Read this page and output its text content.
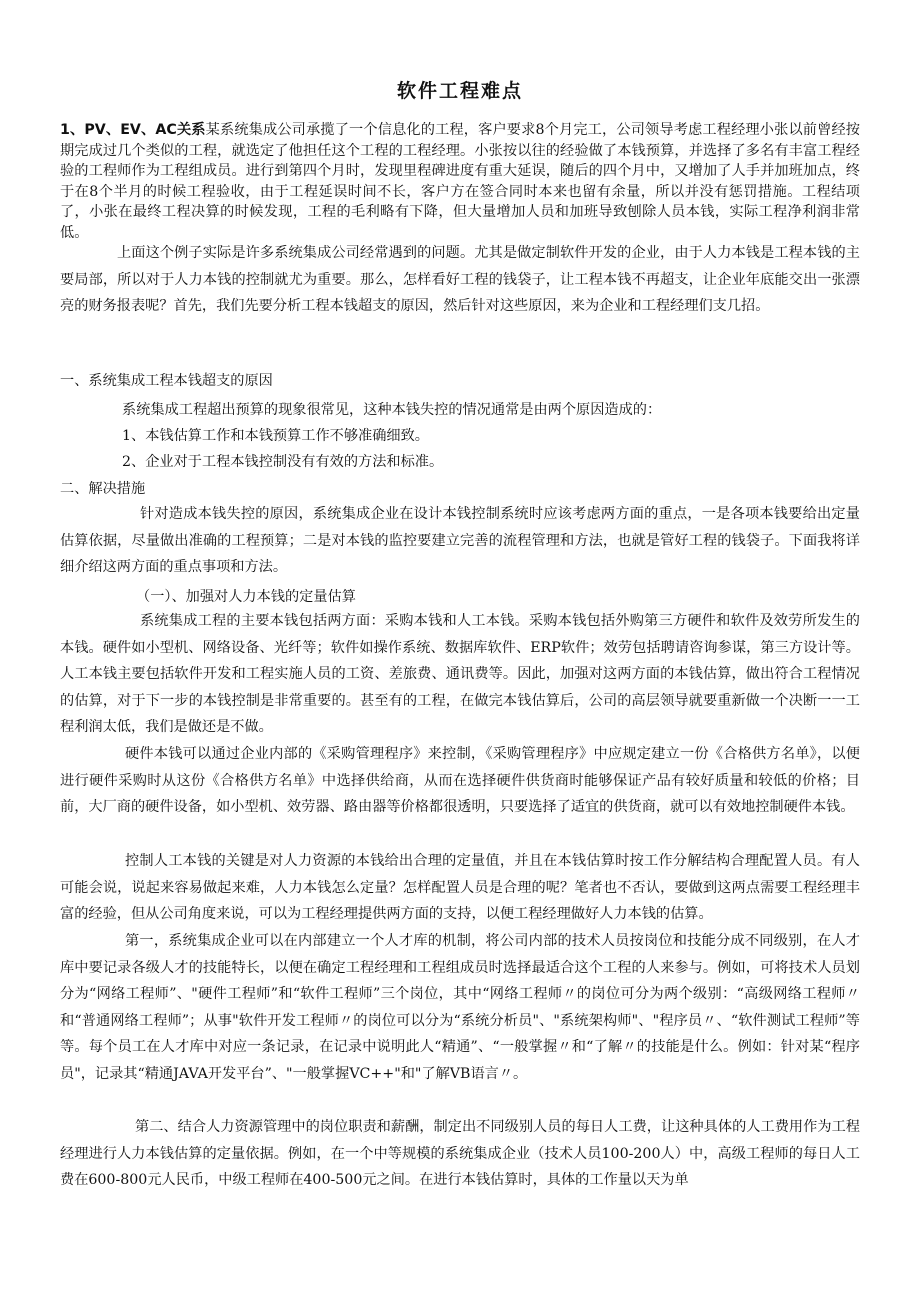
软件工程难点

1、PV、EV、AC关系某系统集成公司承揽了一个信息化的工程，客户要求8个月完工，公司领导考虑工程经理小张以前曾经按期完成过几个类似的工程，就选定了他担任这个工程的工程经理。小张按以往的经验做了本钱预算，并选择了多名有丰富工程经验的工程师作为工程组成员。进行到第四个月时，发现里程碑进度有重大延误，随后的四个月中，又增加了人手并加班加点，终于在8个半月的时候工程验收，由于工程延误时间不长，客户方在签合同时本来也留有余量，所以并没有惩罚措施。工程结项了，小张在最终工程决算的时候发现，工程的毛利略有下降，但大量增加人员和加班导致刨除人员本钱，实际工程净利润非常低。

上面这个例子实际是许多系统集成公司经常遇到的问题。尤其是做定制软件开发的企业，由于人力本钱是工程本钱的主要局部，所以对于人力本钱的控制就尤为重要。那么，怎样看好工程的钱袋子，让工程本钱不再超支，让企业年底能交出一张漂亮的财务报表呢？首先，我们先要分析工程本钱超支的原因，然后针对这些原因，来为企业和工程经理们支几招。

一、系统集成工程本钱超支的原因

系统集成工程超出预算的现象很常见，这种本钱失控的情况通常是由两个原因造成的：

1、本钱估算工作和本钱预算工作不够准确细致。

2、企业对于工程本钱控制没有有效的方法和标准。

二、解决措施

针对造成本钱失控的原因，系统集成企业在设计本钱控制系统时应该考虑两方面的重点，一是各项本钱要给出定量估算依据，尽量做出准确的工程预算；二是对本钱的监控要建立完善的流程管理和方法，也就是管好工程的钱袋子。下面我将详细介绍这两方面的重点事项和方法。

（一）、加强对人力本钱的定量估算

系统集成工程的主要本钱包括两方面：采购本钱和人工本钱。采购本钱包括外购第三方硬件和软件及效劳所发生的本钱。硬件如小型机、网络设备、光纤等；软件如操作系统、数据库软件、ERP软件；效劳包括聘请咨询参谋，第三方设计等。人工本钱主要包括软件开发和工程实施人员的工资、差旅费、通讯费等。因此，加强对这两方面的本钱估算，做出符合工程情况的估算，对于下一步的本钱控制是非常重要的。甚至有的工程，在做完本钱估算后，公司的高层领导就要重新做一个决断一一工程利润太低，我们是做还是不做。

硬件本钱可以通过企业内部的《采购管理程序》来控制，《采购管理程序》中应规定建立一份《合格供方名单》，以便进行硬件采购时从这份《合格供方名单》中选择供给商，从而在选择硬件供货商时能够保证产品有较好质量和较低的价格；目前，大厂商的硬件设备，如小型机、效劳器、路由器等价格都很透明，只要选择了适宜的供货商，就可以有效地控制硬件本钱。

控制人工本钱的关键是对人力资源的本钱给出合理的定量值，并且在本钱估算时按工作分解结构合理配置人员。有人可能会说，说起来容易做起来难，人力本钱怎么定量？怎样配置人员是合理的呢？笔者也不否认，要做到这两点需要工程经理丰富的经验，但从公司角度来说，可以为工程经理提供两方面的支持，以便工程经理做好人力本钱的估算。

第一，系统集成企业可以在内部建立一个人才库的机制，将公司内部的技术人员按岗位和技能分成不同级别，在人才库中要记录各级人才的技能特长，以便在确定工程经理和工程组成员时选择最适合这个工程的人来参与。例如，可将技术人员划分为“网络工程师”、"硬件工程师”和“软件工程师”三个岗位，其中“网络工程师〃的岗位可分为两个级别：“高级网络工程师〃和“普通网络工程师”；从事"软件开发工程师〃的岗位可以分为“系统分析员"、"系统架构师"、"程序员〃、“软件测试工程师”等等。每个员工在人才库中对应一条记录，在记录中说明此人“精通”、“一般掌握〃和“了解〃的技能是什么。例如：针对某“程序员"，记录其“精通JAVA开发平台”、"一般掌握VC++"和"了解VB语言〃。

第二、结合人力资源管理中的岗位职责和薪酬，制定出不同级别人员的每日人工费，让这种具体的人工费用作为工程经理进行人力本钱估算的定量依据。例如，在一个中等规模的系统集成企业（技术人员100-200人）中，高级工程师的每日人工费在600-800元人民币，中级工程师在400-500元之间。在进行本钱估算时，具体的工作量以天为单
